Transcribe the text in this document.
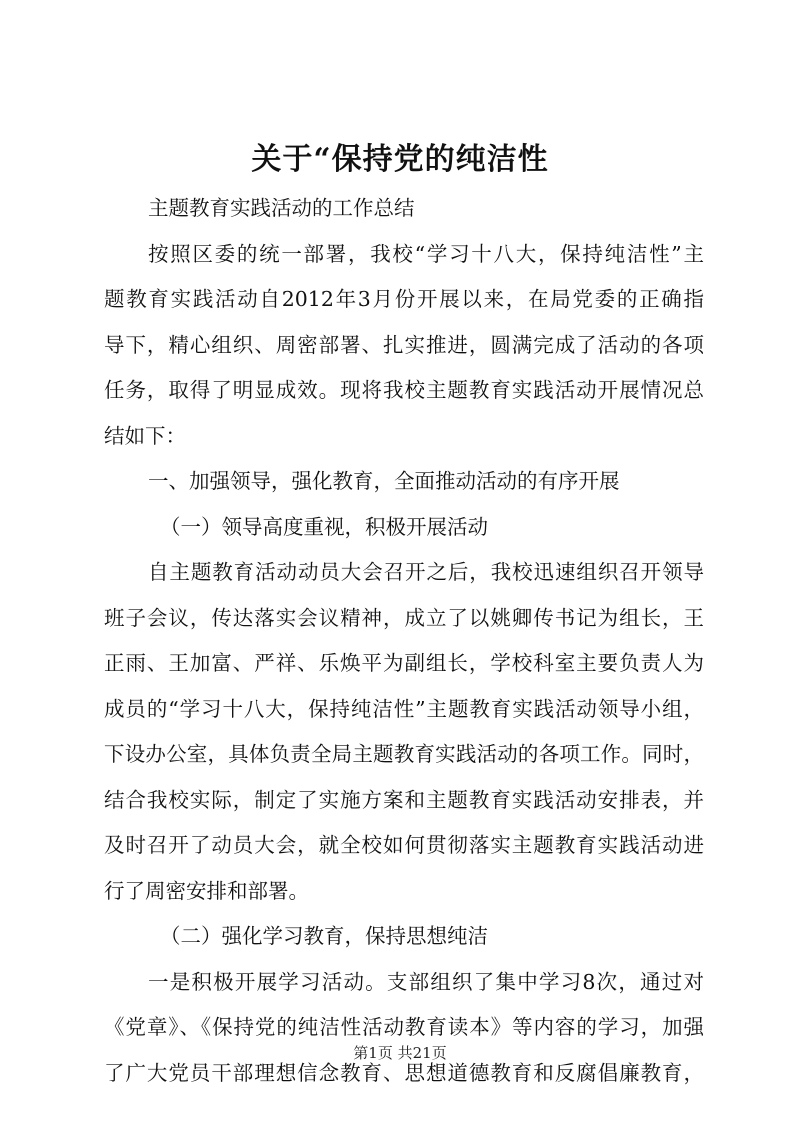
关于“保持党的纯洁性
主题教育实践活动的工作总结
按照区委的统一部署，我校“学习十八大，保持纯洁性”主
题教育实践活动自2012年3月份开展以来，在局党委的正确指
导下，精心组织、周密部署、扎实推进，圆满完成了活动的各项
任务，取得了明显成效。现将我校主题教育实践活动开展情况总
结如下：
一、加强领导，强化教育，全面推动活动的有序开展
（一）领导高度重视，积极开展活动
自主题教育活动动员大会召开之后，我校迅速组织召开领导
班子会议，传达落实会议精神，成立了以姚卿传书记为组长，王
正雨、王加富、严祥、乐焕平为副组长，学校科室主要负责人为
成员的“学习十八大，保持纯洁性”主题教育实践活动领导小组，
下设办公室，具体负责全局主题教育实践活动的各项工作。同时，
结合我校实际，制定了实施方案和主题教育实践活动安排表，并
及时召开了动员大会，就全校如何贯彻落实主题教育实践活动进
行了周密安排和部署。
（二）强化学习教育，保持思想纯洁
一是积极开展学习活动。支部组织了集中学习8次，通过对
《党章》、《保持党的纯洁性活动教育读本》等内容的学习，加强
了广大党员干部理想信念教育、思想道德教育和反腐倡廉教育，
第1页 共21页
